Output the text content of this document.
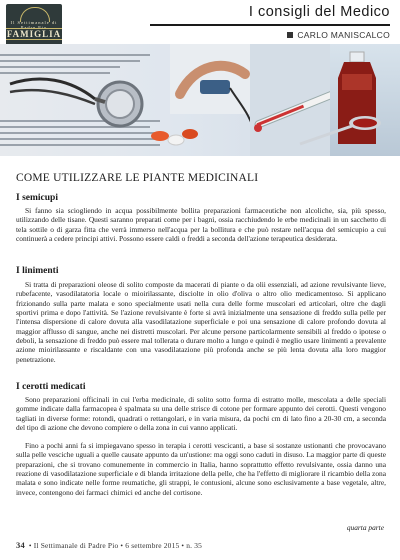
Il Settimanale di Padre Pio
FAMIGLIA
I consigli del Medico
CARLO MANISCALCO
COME UTILIZZARE LE PIANTE MEDICINALI
I semicupi

Si fanno sia sciogliendo in acqua possibilmente bollita preparazioni farmaceutiche non alcoliche, sia, più spesso, utilizzando delle tisane. Questi saranno preparati come per i bagni, ossia racchiudendo le erbe medicinali in un sacchetto di tela sottile o di garza fitta che verrà immerso nell'acqua per la bollitura e che può restare nell'acqua del semicupio a cui continuerà a cedere principi attivi. Possono essere caldi o freddi a seconda dell'azione terapeutica desiderata.

I linimenti

Si tratta di preparazioni oleose di solito composte da macerati di piante o da olii essenziali, ad azione revulsivante lieve, rubefacente, vasodilatatoria locale o mioirilassante, disciolte in olio d'oliva o altro olio medicamentoso. Si applicano frizionando sulla parte malata e sono specialmente usati nella cura delle forme muscolari ed articolari, oltre che dagli sportivi prima e dopo l'attività. Se l'azione revulsivante è forte si avrà inizialmente una sensazione di freddo sulla pelle per l'intensa dispersione di calore dovuta alla vasodilatazione superficiale e poi una sensazione di calore profondo dovuta al maggior afflusso di sangue, anche nei distretti muscolari. Per alcune persone particolarmente sensibili al freddo o ipotese o deboli, la sensazione di freddo può essere mal tollerata o durare molto a lungo e quindi è meglio usare linimenti a prevalente azione mioirilassante e riscaldante con una vasodilatazione più profonda anche se più lenta dovuta alla loro maggior penetrazione.

I cerotti medicati

Sono preparazioni officinali in cui l'erba medicinale, di solito sotto forma di estratto molle, mescolata a delle speciali gomme indicate dalla farmacopea è spalmata su una delle strisce di cotone per formare appunto dei cerotti. Questi vengono tagliati in diverse forme: rotondi, quadrati o rettangolari, e in varia misura, da pochi cm di lato fino a 20-30 cm, a seconda del tipo di azione che devono compiere o della zona in cui vanno applicati.

Fino a pochi anni fa si impiegavano spesso in terapia i cerotti vescicanti, a base si sostanze ustionanti che provocavano sulla pelle vesciche uguali a quelle causate appunto da un'ustione: ma oggi sono caduti in disuso. La maggior parte di queste preparazioni, che si trovano comunemente in commercio in Italia, hanno soprattutto effetto revulsivante, ossia danno una reazione di vasodilatazione superficiale e di blanda irritazione della pelle, che ha l'effetto di migliorare il ricambio della zona malata e sono indicate nelle forme reumatiche, gli strappi, le contusioni, alcune sono esclusivamente a base vegetale, altre, invece, contengono dei farmaci chimici ed anche del cortisone.

quarta parte
34 • Il Settimanale di Padre Pio • 6 settembre 2015 • n. 35
